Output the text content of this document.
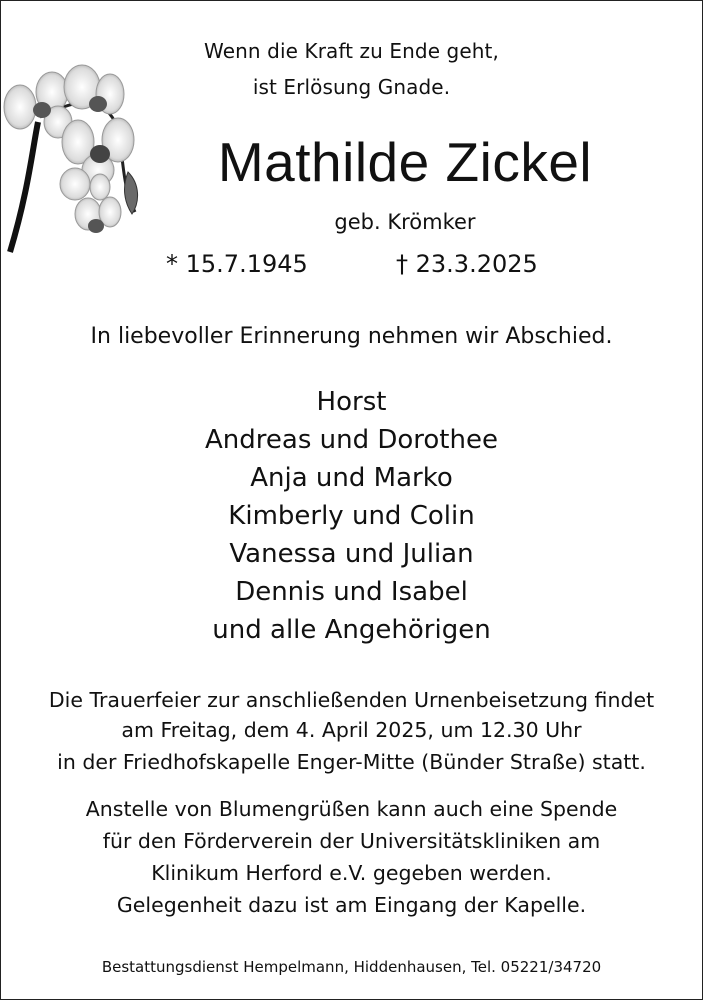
Wenn die Kraft zu Ende geht,
ist Erlösung Gnade.
Mathilde Zickel
geb. Krömker
* 15.7.1945	† 23.3.2025
In liebevoller Erinnerung nehmen wir Abschied.
Horst
Andreas und Dorothee
Anja und Marko
Kimberly und Colin
Vanessa und Julian
Dennis und Isabel
und alle Angehörigen
Die Trauerfeier zur anschließenden Urnenbeisetzung findet
am Freitag, dem 4. April 2025, um 12.30 Uhr
in der Friedhofskapelle Enger-Mitte (Bünder Straße) statt.
Anstelle von Blumengrüßen kann auch eine Spende
für den Förderverein der Universitätskliniken am
Klinikum Herford e.V. gegeben werden.
Gelegenheit dazu ist am Eingang der Kapelle.
Bestattungsdienst Hempelmann, Hiddenhausen, Tel. 05221/34720
